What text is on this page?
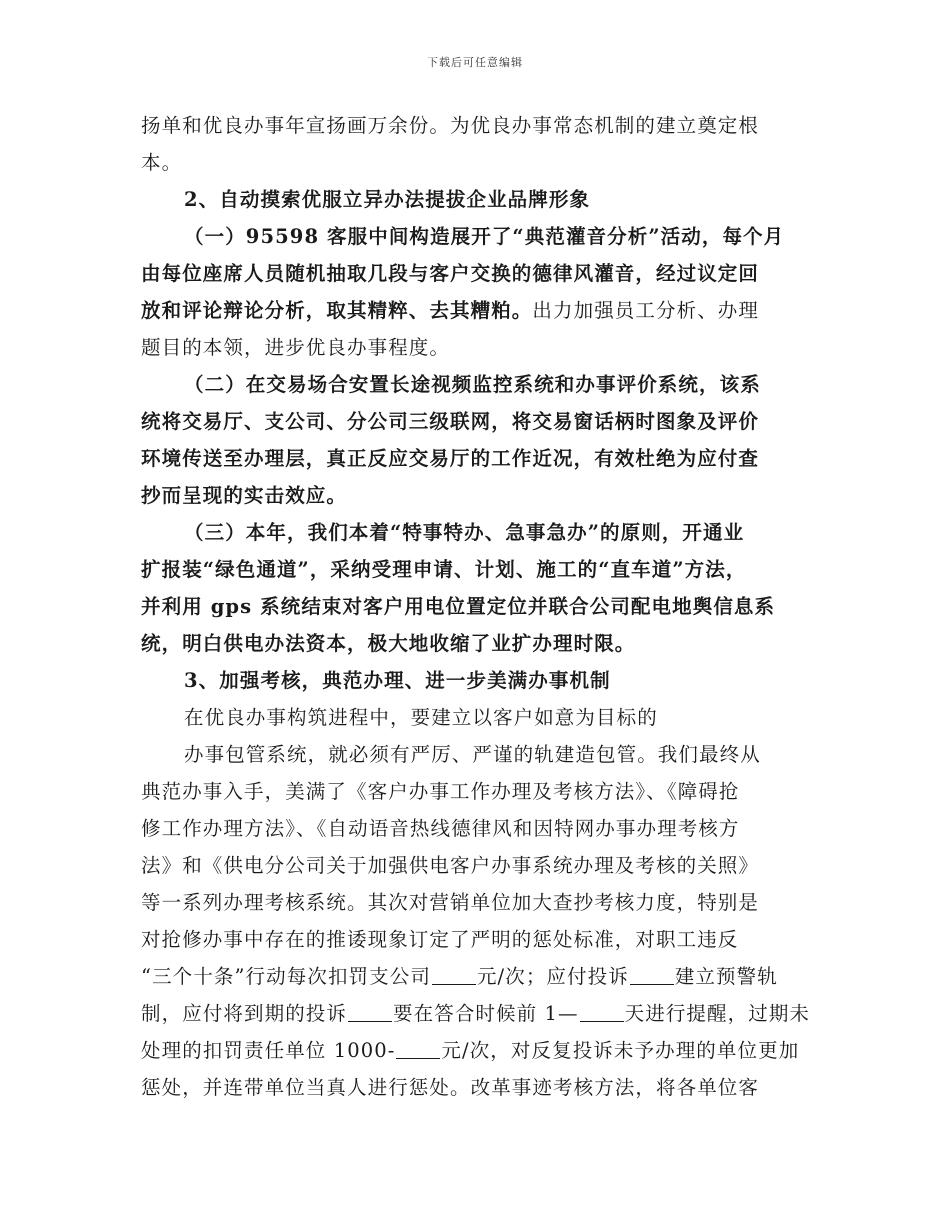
下载后可任意编辑
扬单和优良办事年宣扬画万余份。为优良办事常态机制的建立奠定根
本。
2、自动摸索优服立异办法提拔企业品牌形象
（一）95598 客服中间构造展开了“典范灌音分析”活动，每个月
由每位座席人员随机抽取几段与客户交换的德律风灌音，经过议定回
放和评论辩论分析，取其精粹、去其糟粕。出力加强员工分析、办理
题目的本领，进步优良办事程度。
（二）在交易场合安置长途视频监控系统和办事评价系统，该系
统将交易厅、支公司、分公司三级联网，将交易窗话柄时图象及评价
环境传送至办理层，真正反应交易厅的工作近况，有效杜绝为应付查
抄而呈现的实击效应。
（三）本年，我们本着“特事特办、急事急办”的原则，开通业
扩报装“绿色通道”，采纳受理申请、计划、施工的“直车道”方法，
并利用 gps 系统结束对客户用电位置定位并联合公司配电地舆信息系
统，明白供电办法资本，极大地收缩了业扩办理时限。
3、加强考核，典范办理、进一步美满办事机制
在优良办事构筑进程中，要建立以客户如意为目标的
办事包管系统，就必须有严厉、严谨的轨建造包管。我们最终从
典范办事入手，美满了《客户办事工作办理及考核方法》、《障碍抢
修工作办理方法》、《自动语音热线德律风和因特网办事办理考核方
法》和《供电分公司关于加强供电客户办事系统办理及考核的关照》
等一系列办理考核系统。其次对营销单位加大查抄考核力度，特别是
对抢修办事中存在的推诿现象订定了严明的惩处标准，对职工违反
“三个十条”行动每次扣罚支公司 元/次；应付投诉 建立预警轨
制，应付将到期的投诉 要在答合时候前 1— 天进行提醒，过期未
处理的扣罚责任单位 1000- 元/次，对反复投诉未予办理的单位更加
惩处，并连带单位当真人进行惩处。改革事迹考核方法，将各单位客
